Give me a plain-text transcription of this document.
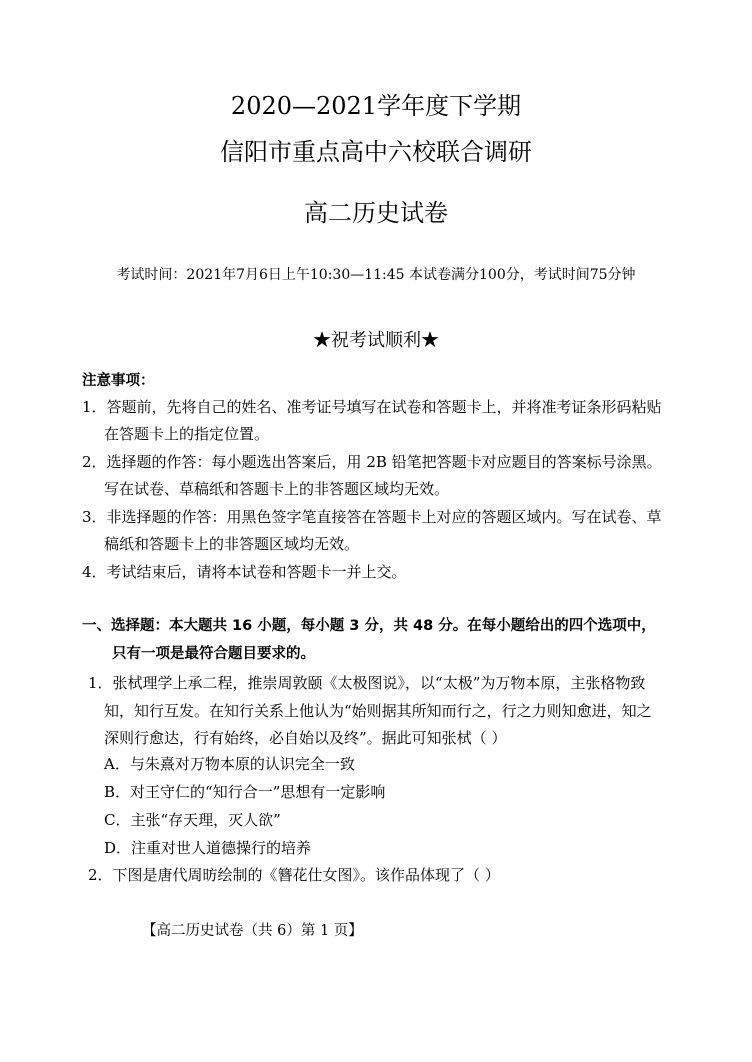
2020—2021学年度下学期
信阳市重点高中六校联合调研
高二历史试卷
考试时间：2021年7月6日上午10:30—11:45 本试卷满分100分，考试时间75分钟
★祝考试顺利★
注意事项：
1．答题前，先将自己的姓名、准考证号填写在试卷和答题卡上，并将准考证条形码粘贴
在答题卡上的指定位置。
2．选择题的作答：每小题选出答案后，用 2B 铅笔把答题卡对应题目的答案标号涂黑。
写在试卷、草稿纸和答题卡上的非答题区域均无效。
3．非选择题的作答：用黑色签字笔直接答在答题卡上对应的答题区域内。写在试卷、草
稿纸和答题卡上的非答题区域均无效。
4．考试结束后，请将本试卷和答题卡一并上交。
一、选择题：本大题共 16 小题，每小题 3 分，共 48 分。在每小题给出的四个选项中，
只有一项是最符合题目要求的。
1．张栻理学上承二程，推崇周敦颐《太极图说》，以“太极”为万物本原，主张格物致
知，知行互发。在知行关系上他认为“始则据其所知而行之，行之力则知愈进，知之
深则行愈达，行有始终，必自始以及终”。据此可知张栻（ ）
A．与朱熹对万物本原的认识完全一致
B．对王守仁的“知行合一”思想有一定影响
C．主张“存天理，灭人欲”
D．注重对世人道德操行的培养
2．下图是唐代周昉绘制的《簪花仕女图》。该作品体现了（ ）
【高二历史试卷（共 6）第 1 页】
